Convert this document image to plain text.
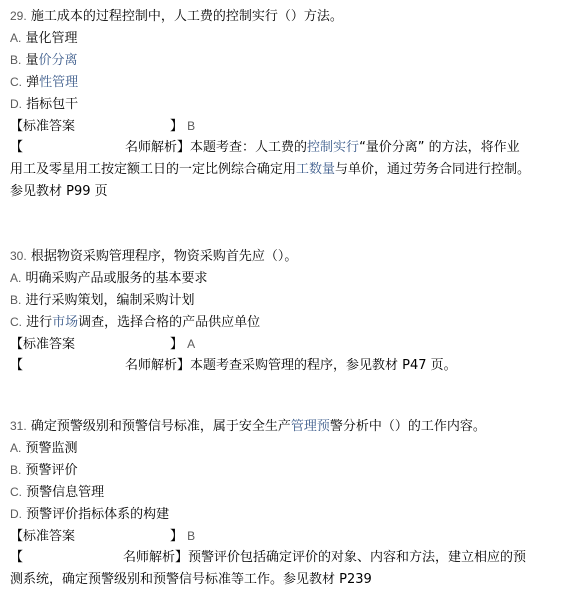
29. 施工成本的过程控制中，人工费的控制实行（）方法。
A. 量化管理
B. 量价分离
C. 弹性管理
D. 指标包干
【标准答案	】 B
【	名师解析】本题考查：人工费的控制实行“量价分离” 的方法，将作业
用工及零星用工按定额工日的一定比例综合确定用工数量与单价，通过劳务合同进行控制。
参见教材 P99 页
30. 根据物资采购管理程序，物资采购首先应（）。
A. 明确采购产品或服务的基本要求
B. 进行采购策划，编制采购计划
C. 进行市场调查，选择合格的产品供应单位
【标准答案	】 A
【	名师解析】本题考查采购管理的程序，参见教材 P47 页。
31. 确定预警级别和预警信号标准，属于安全生产管理预警分析中（）的工作内容。
A. 预警监测
B. 预警评价
C. 预警信息管理
D. 预警评价指标体系的构建
【标准答案	】 B
【	名师解析】预警评价包括确定评价的对象、内容和方法，建立相应的预
测系统，确定预警级别和预警信号标准等工作。参见教材 P239
